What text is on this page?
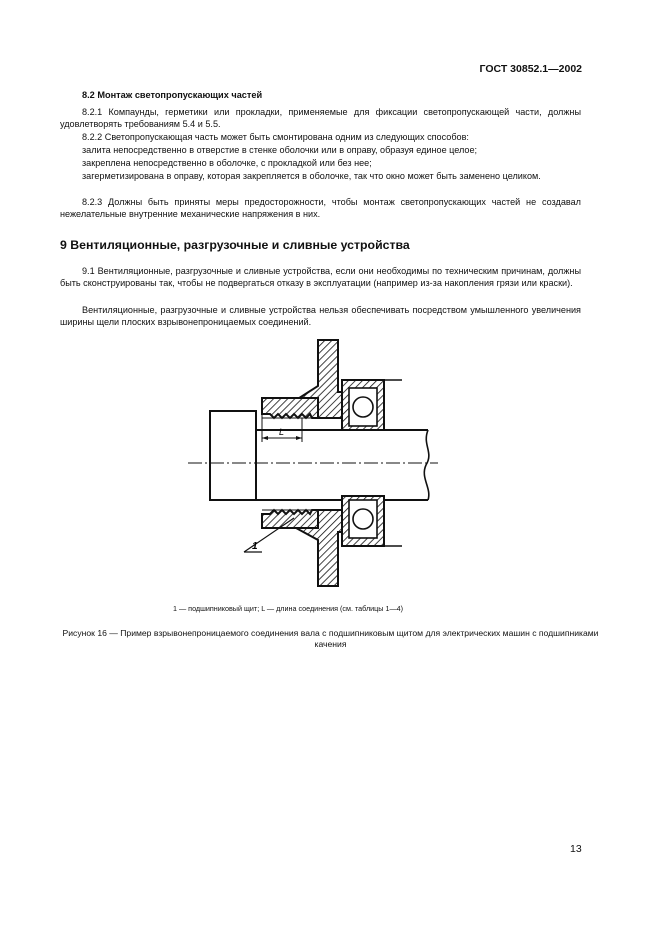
ГОСТ 30852.1—2002
8.2 Монтаж светопропускающих частей
8.2.1 Компаунды, герметики или прокладки, применяемые для фиксации светопропускающей части, должны удовлетворять требованиям 5.4 и 5.5.
8.2.2 Светопропускающая часть может быть смонтирована одним из следующих способов:
залита непосредственно в отверстие в стенке оболочки или в оправу, образуя единое целое;
закреплена непосредственно в оболочке, с прокладкой или без нее;
загерметизирована в оправу, которая закрепляется в оболочке, так что окно может быть заменено целиком.
8.2.3 Должны быть приняты меры предосторожности, чтобы монтаж светопропускающих частей не создавал нежелательные внутренние механические напряжения в них.
9 Вентиляционные, разгрузочные и сливные устройства
9.1 Вентиляционные, разгрузочные и сливные устройства, если они необходимы по техническим причинам, должны быть сконструированы так, чтобы не подвергаться отказу в эксплуатации (например из-за накопления грязи или краски).
Вентиляционные, разгрузочные и сливные устройства нельзя обеспечивать посредством умышленного увеличения ширины щели плоских взрывонепроницаемых соединений.
L
1
1 — подшипниковый щит; L — длина соединения (см. таблицы 1—4)
Рисунок 16 — Пример взрывонепроницаемого соединения вала с подшипниковым щитом для электрических машин с подшипниками качения
13
